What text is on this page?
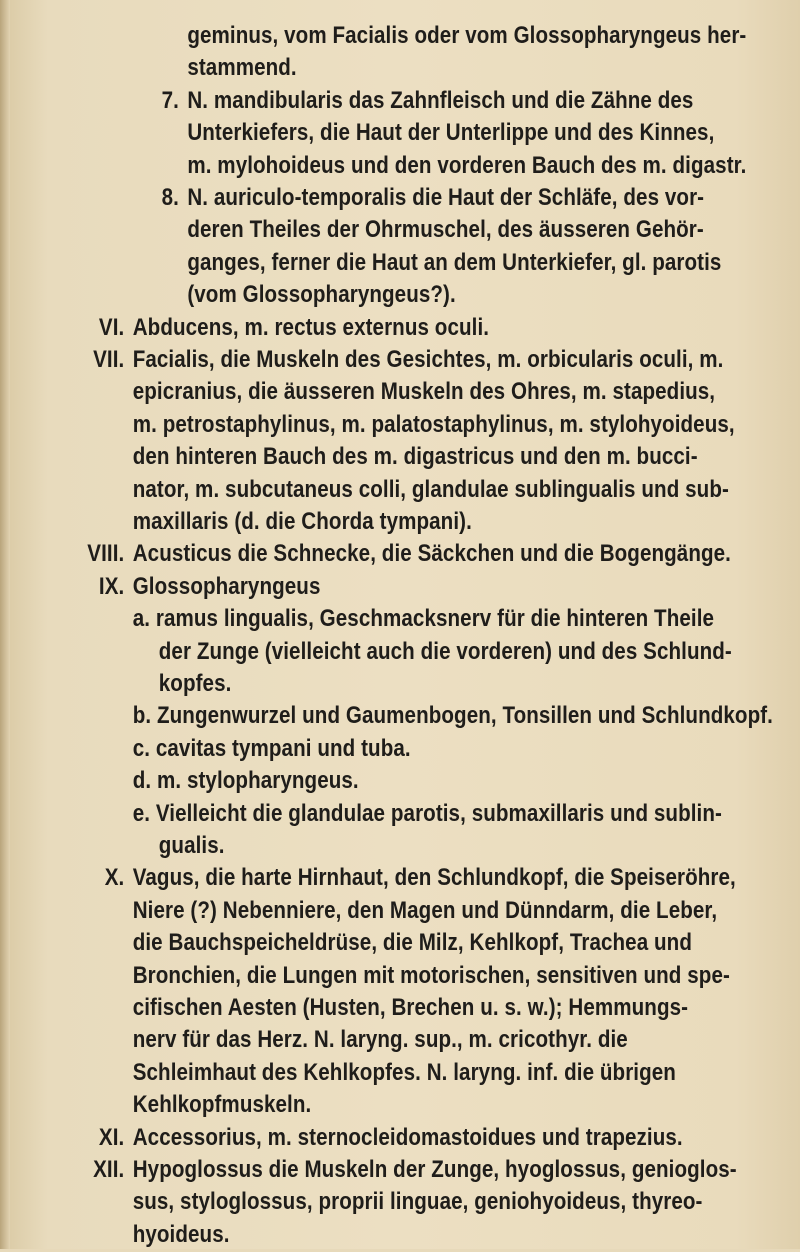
geminus, vom Facialis oder vom Glossopharyngeus her-
stammend.
7. N. mandibularis das Zahnfleisch und die Zähne des
Unterkiefers, die Haut der Unterlippe und des Kinnes,
m. mylohoideus und den vorderen Bauch des m. digastr.
8. N. auriculo-temporalis die Haut der Schläfe, des vor-
deren Theiles der Ohrmuschel, des äusseren Gehör-
ganges, ferner die Haut an dem Unterkiefer, gl. parotis
(vom Glossopharyngeus?).
VI. Abducens, m. rectus externus oculi.
VII. Facialis, die Muskeln des Gesichtes, m. orbicularis oculi, m.
epicranius, die äusseren Muskeln des Ohres, m. stapedius,
m. petrostaphylinus, m. palatostaphylinus, m. stylohyoideus,
den hinteren Bauch des m. digastricus und den m. bucci-
nator, m. subcutaneus colli, glandulae sublingualis und sub-
maxillaris (d. die Chorda tympani).
VIII. Acusticus die Schnecke, die Säckchen und die Bogengänge.
IX. Glossopharyngeus
a. ramus lingualis, Geschmacksnerv für die hinteren Theile
der Zunge (vielleicht auch die vorderen) und des Schlund-
kopfes.
b. Zungenwurzel und Gaumenbogen, Tonsillen und Schlundkopf.
c. cavitas tympani und tuba.
d. m. stylopharyngeus.
e. Vielleicht die glandulae parotis, submaxillaris und sublin-
gualis.
X. Vagus, die harte Hirnhaut, den Schlundkopf, die Speiseröhre,
Niere (?) Nebenniere, den Magen und Dünndarm, die Leber,
die Bauchspeicheldrüse, die Milz, Kehlkopf, Trachea und
Bronchien, die Lungen mit motorischen, sensitiven und spe-
cifischen Aesten (Husten, Brechen u. s. w.); Hemmungs-
nerv für das Herz. N. laryng. sup., m. cricothyr. die
Schleimhaut des Kehlkopfes. N. laryng. inf. die übrigen
Kehlkopfmuskeln.
XI. Accessorius, m. sternocleidomastoidues und trapezius.
XII. Hypoglossus die Muskeln der Zunge, hyoglossus, genioglos-
sus, styloglossus, proprii linguae, geniohyoideus, thyreo-
hyoideus.
